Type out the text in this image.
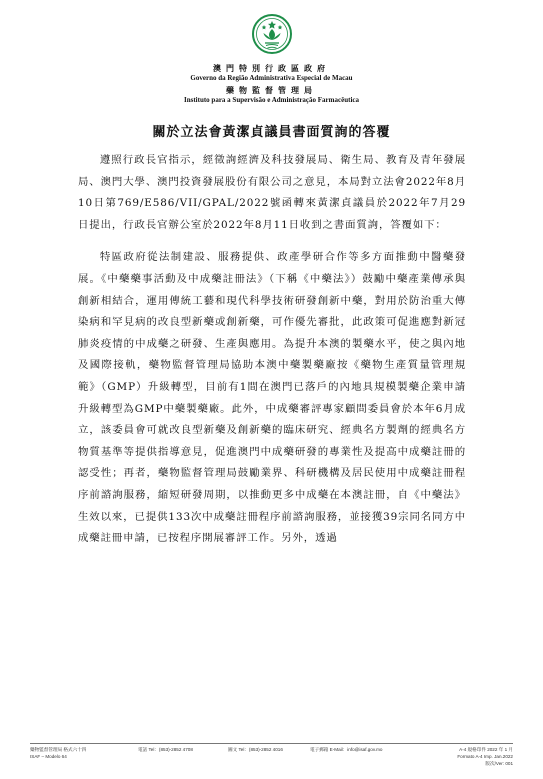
澳門特別行政區政府
Governo da Região Administrativa Especial de Macau
藥物監督管理局
Instituto para a Supervisão e Administração Farmacêutica
關於立法會黃潔貞議員書面質詢的答覆

遵照行政長官指示，經徵詢經濟及科技發展局、衛生局、教育及青年發展局、澳門大學、澳門投資發展股份有限公司之意見，本局對立法會2022年8月10日第769/E586/VII/GPAL/2022號函轉來黃潔貞議員於2022年7月29日提出，行政長官辦公室於2022年8月11日收到之書面質詢，答覆如下：

特區政府從法制建設、服務提供、政產學研合作等多方面推動中醫藥發展。《中藥藥事活動及中成藥註冊法》（下稱《中藥法》）鼓勵中藥產業傳承與創新相結合，運用傳統工藝和現代科學技術研發創新中藥，對用於防治重大傳染病和罕見病的改良型新藥或創新藥，可作優先審批，此政策可促進應對新冠肺炎疫情的中成藥之研發、生產與應用。為提升本澳的製藥水平，使之與內地及國際接軌，藥物監督管理局協助本澳中藥製藥廠按《藥物生產質量管理規範》（GMP）升級轉型，目前有1間在澳門已落戶的內地具規模製藥企業申請升級轉型為GMP中藥製藥廠。此外，中成藥審評專家顧問委員會於本年6月成立，該委員會可就改良型新藥及創新藥的臨床研究、經典名方製劑的經典名方物質基準等提供指導意見，促進澳門中成藥研發的專業性及提高中成藥註冊的認受性；再者，藥物監督管理局鼓勵業界、科研機構及居民使用中成藥註冊程序前諮詢服務，縮短研發周期，以推動更多中成藥在本澳註冊，自《中藥法》生效以來，已提供133次中成藥註冊程序前諮詢服務，並接獲39宗同名同方中成藥註冊申請，已按程序開展審評工作。另外，透過

藥物監督管理局 格式六十四
ISAF – Modelo 64
電話 Tel：(853)-2852 4708	圖文 Tel：(853)-2852 4016	電子郵箱 E-Mail：info@isaf.gov.mo	A-4 規格印件 2022 年 1 月
Formato A-4 Imp. Jan.2022
版次/Ver: 001
